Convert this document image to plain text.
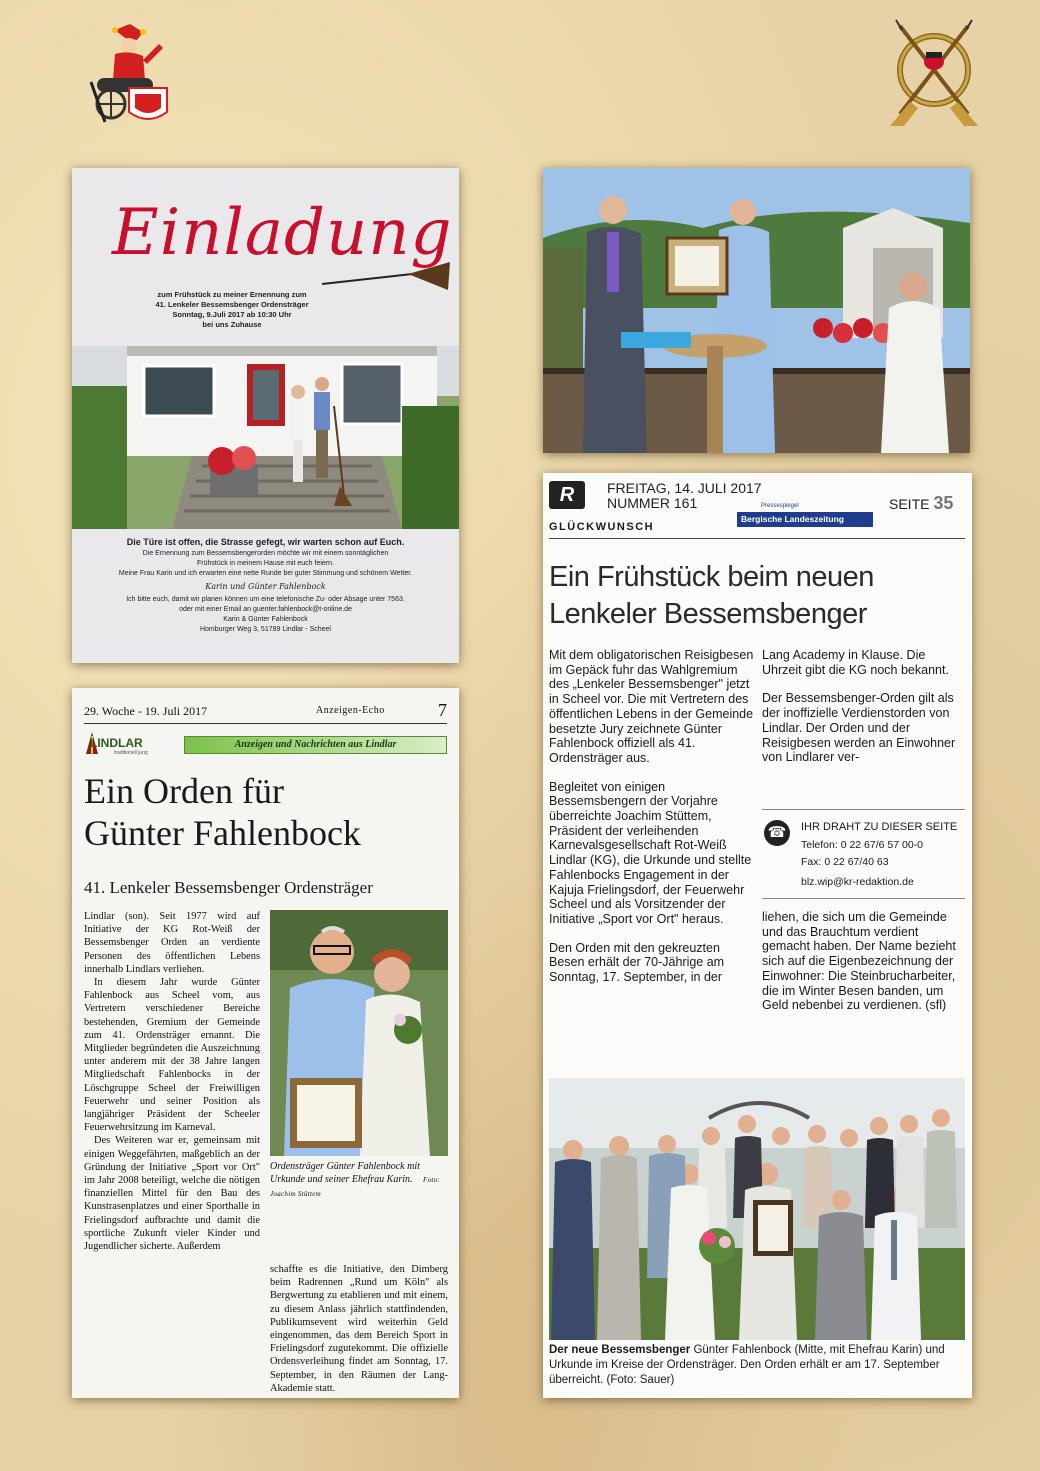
Einladung
zum Frühstück zu meiner Ernennung zum
41. Lenkeler Bessemsbenger Ordensträger
Sonntag, 9.Juli 2017 ab 10:30 Uhr
bei uns Zuhause
Die Türe ist offen, die Strasse gefegt, wir warten schon auf Euch.
Die Ernennung zum Bessemsbengerorden möchte wir mit einem sonntäglichen
Frühstück in meinem Hause mit euch feiern.
Meine Frau Karin und ich erwarten eine nette Runde bei guter Stimmung und schönem Wetter.
Karin und Günter Fahlenbock
Ich bitte euch, damit wir planen können um eine telefonische Zu- oder Absage unter 7563.
oder mit einer Email an guenter.fahlenbock@t-online.de
Karin & Günter Fahlenbock
Homburger Weg 3, 51789 Lindlar - Scheel
29. Woche - 19. Juli 2017	Anzeigen-Echo	7
LINDLAR
traditionell jung
Anzeigen und Nachrichten aus Lindlar
Ein Orden für
Günter Fahlenbock
41. Lenkeler Bessemsbenger Ordensträger

Lindlar (son). Seit 1977 wird auf Initiative der KG Rot-Weiß der Bessemsbenger Orden an verdiente Personen des öffentlichen Lebens innerhalb Lindlars verliehen.

In diesem Jahr wurde Günter Fahlenbock aus Scheel vom, aus Vertretern verschiedener Bereiche bestehenden, Gremium der Gemeinde zum 41. Ordensträger ernannt. Die Mitglieder begründeten die Auszeichnung unter anderem mit der 38 Jahre langen Mitgliedschaft Fahlenbocks in der Löschgruppe Scheel der Freiwilligen Feuerwehr und seiner Position als langjähriger Präsident der Scheeler Feuerwehrsitzung im Karneval.

Des Weiteren war er, gemeinsam mit einigen Weggefährten, maßgeblich an der Gründung der Initiative „Sport vor Ort" im Jahr 2008 beteiligt, welche die nötigen finanziellen Mittel für den Bau des Kunstrasenplatzes und einer Sporthalle in Frielingsdorf aufbrachte und damit die sportliche Zukunft vieler Kinder und Jugendlicher sicherte. Außerdem

Ordensträger Günter Fahlenbock mit Urkunde und seiner Ehefrau Karin. Foto: Joachim Stüttem
schaffte es die Initiative, den Dimberg beim Radrennen „Rund um Köln" als Bergwertung zu etablieren und mit einem, zu diesem Anlass jährlich stattfindenden, Publikumsevent wird weiterhin Geld eingenommen, das dem Bereich Sport in Frielingsdorf zugutekommt. Die offizielle Ordensverleihung findet am Sonntag, 17. September, in den Räumen der Lang-Akademie statt.
R	FREITAG, 14. JULI 2017
NUMMER 161	Pressespiegel
Bergische Landeszeitung
SEITE 35
GLÜCKWUNSCH
Ein Frühstück beim neuen
Lenkeler Bessemsbenger

Mit dem obligatorischen Reisigbesen im Gepäck fuhr das Wahlgremium des „Lenkeler Bessemsbenger" jetzt in Scheel vor. Die mit Vertretern des öffentlichen Lebens in der Gemeinde besetzte Jury zeichnete Günter Fahlenbock offiziell als 41. Ordensträger aus.

Begleitet von einigen Bessemsbengern der Vorjahre überreichte Joachim Stüttem, Präsident der verleihenden Karnevalsgesellschaft Rot-Weiß Lindlar (KG), die Urkunde und stellte Fahlenbocks Engagement in der Kajuja Frielingsdorf, der Feuerwehr Scheel und als Vorsitzender der Initiative „Sport vor Ort" heraus.

Den Orden mit den gekreuzten Besen erhält der 70-Jährige am Sonntag, 17. September, in der

Lang Academy in Klause. Die Uhrzeit gibt die KG noch bekannt.

Der Bessemsbenger-Orden gilt als der inoffizielle Verdienstorden von Lindlar. Der Orden und der Reisigbesen werden an Einwohner von Lindlarer ver-

☎	IHR DRAHT ZU DIESER SEITE
Telefon: 0 22 67/6 57 00-0
Fax: 0 22 67/40 63
blz.wip@kr-redaktion.de
liehen, die sich um die Gemeinde und das Brauchtum verdient gemacht haben. Der Name bezieht sich auf die Eigenbezeichnung der Einwohner: Die Steinbrucharbeiter, die im Winter Besen banden, um Geld nebenbei zu verdienen. (sfl)
Der neue Bessemsbenger Günter Fahlenbock (Mitte, mit Ehefrau Karin) und Urkunde im Kreise der Ordensträger. Den Orden erhält er am 17. September überreicht. (Foto: Sauer)
